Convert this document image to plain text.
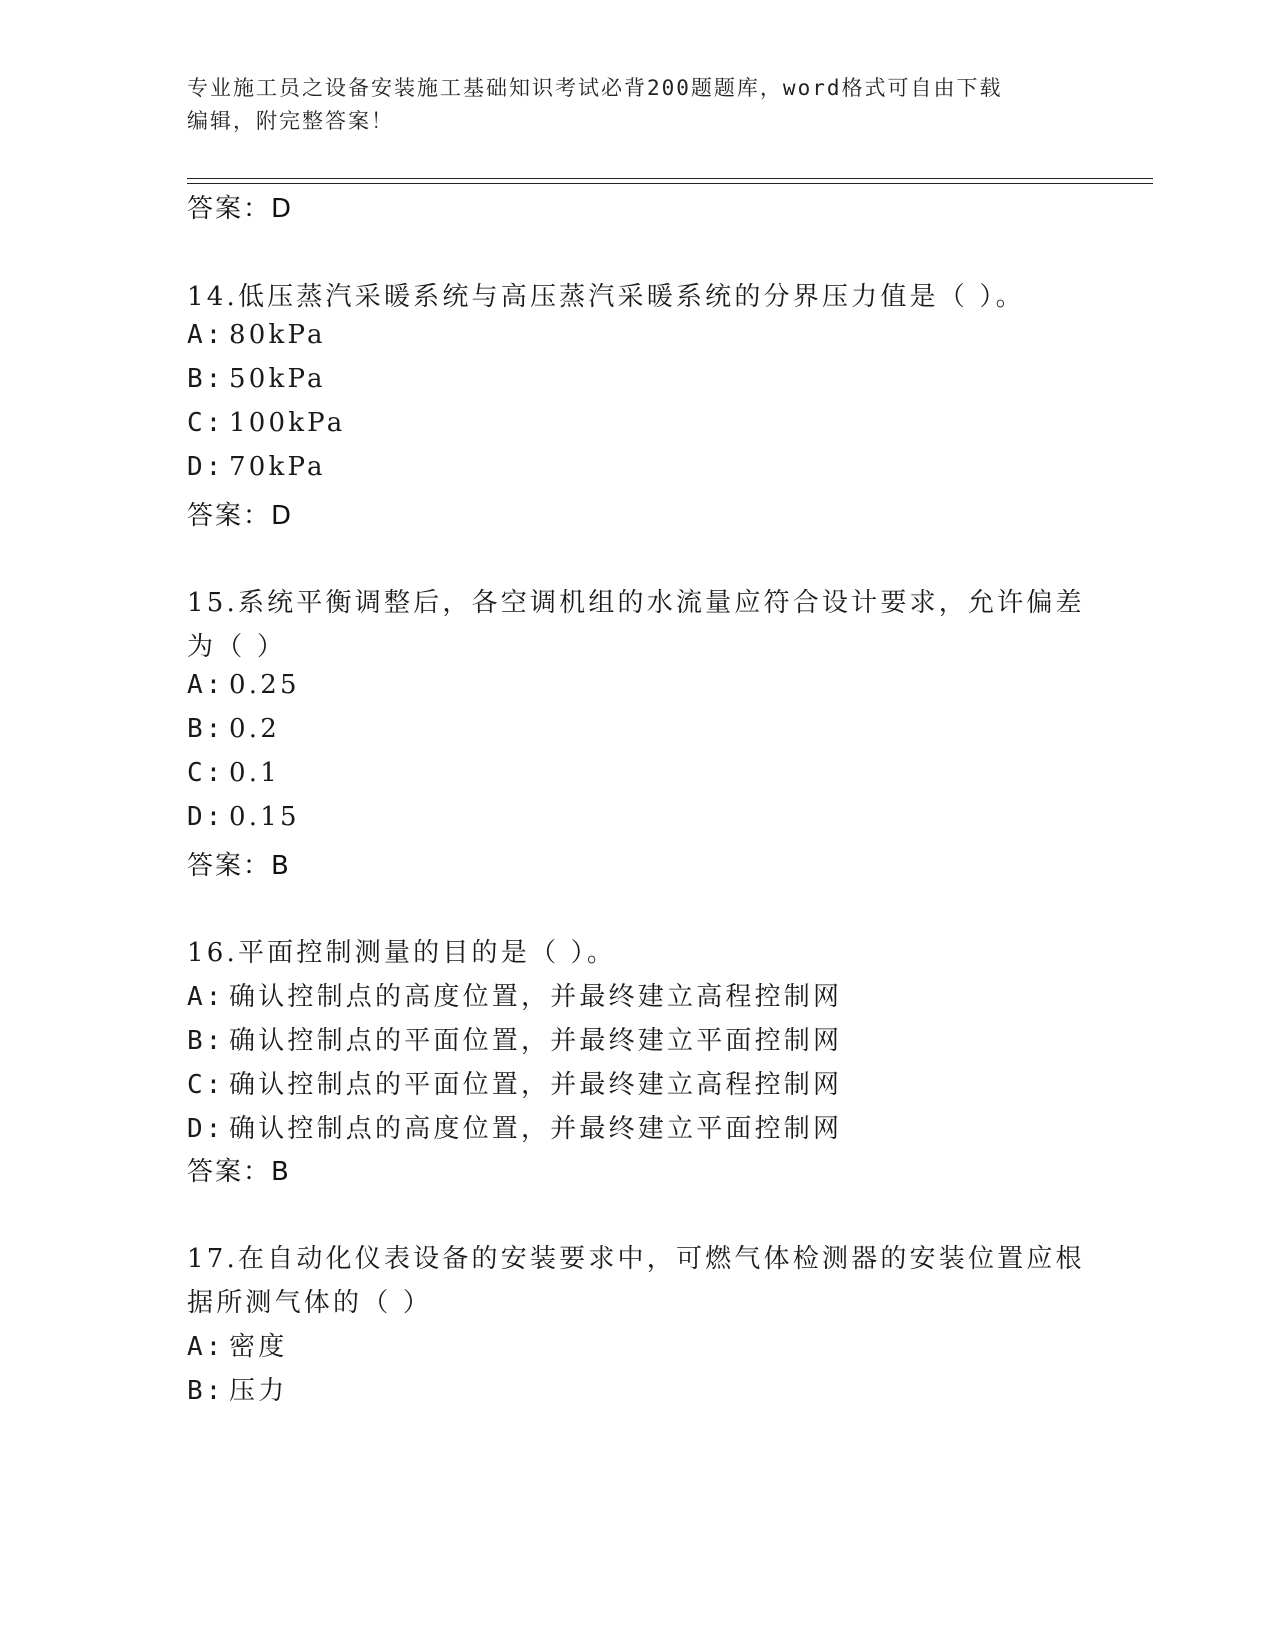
专业施工员之设备安装施工基础知识考试必背200题题库，word格式可自由下载
编辑，附完整答案！
答案：D
14.低压蒸汽采暖系统与高压蒸汽采暖系统的分界压力值是（ ）。
A: 80kPa
B: 50kPa
C: 100kPa
D: 70kPa
答案：D
15.系统平衡调整后，各空调机组的水流量应符合设计要求，允许偏差
为（ ）
A: 0.25
B: 0.2
C: 0.1
D: 0.15
答案：B
16.平面控制测量的目的是（ ）。
A: 确认控制点的高度位置，并最终建立高程控制网
B: 确认控制点的平面位置，并最终建立平面控制网
C: 确认控制点的平面位置，并最终建立高程控制网
D: 确认控制点的高度位置，并最终建立平面控制网
答案：B
17.在自动化仪表设备的安装要求中，可燃气体检测器的安装位置应根
据所测气体的（ ）
A: 密度
B: 压力
